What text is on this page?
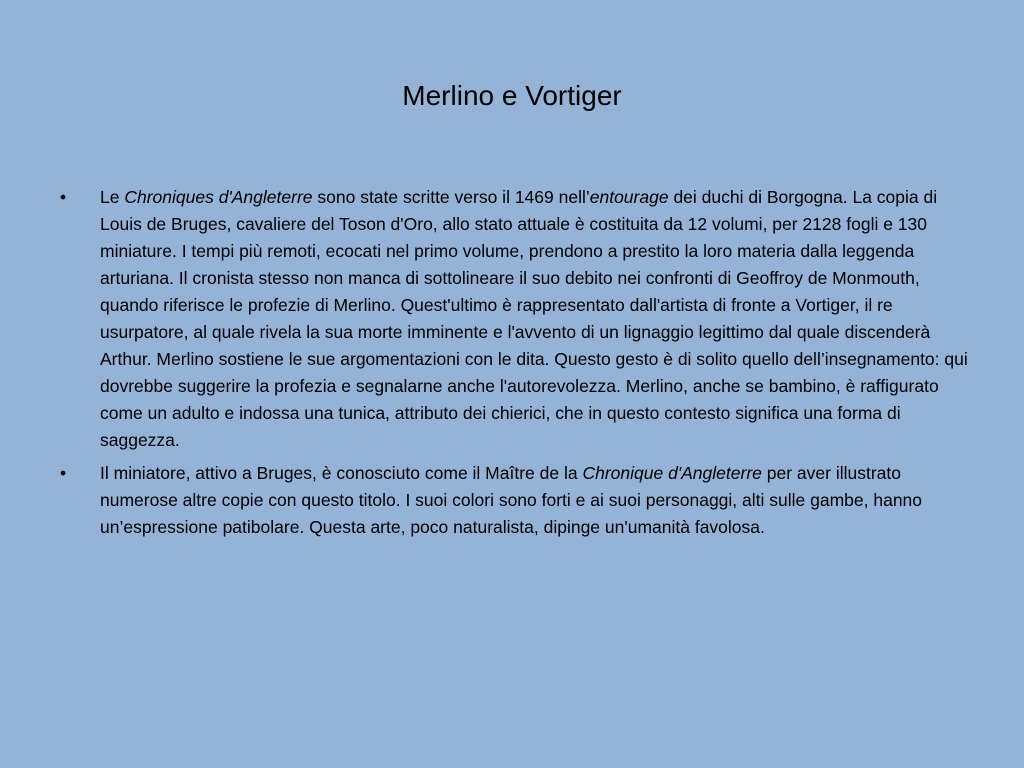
Merlino e Vortiger
• Le Chroniques d'Angleterre sono state scritte verso il 1469 nell’entourage dei duchi di Borgogna. La copia di Louis de Bruges, cavaliere del Toson d'Oro, allo stato attuale è costituita da 12 volumi, per 2128 fogli e 130 miniature. I tempi più remoti, ecocati nel primo volume, prendono a prestito la loro materia dalla leggenda arturiana. Il cronista stesso non manca di sottolineare il suo debito nei confronti di Geoffroy de Monmouth, quando riferisce le profezie di Merlino. Quest'ultimo è rappresentato dall'artista di fronte a Vortiger, il re usurpatore, al quale rivela la sua morte imminente e l'avvento di un lignaggio legittimo dal quale discenderà Arthur. Merlino sostiene le sue argomentazioni con le dita. Questo gesto è di solito quello dell’insegnamento: qui dovrebbe suggerire la profezia e segnalarne anche l'autorevolezza. Merlino, anche se bambino, è raffigurato come un adulto e indossa una tunica, attributo dei chierici, che in questo contesto significa una forma di saggezza.
• Il miniatore, attivo a Bruges, è conosciuto come il Maître de la Chronique d'Angleterre per aver illustrato numerose altre copie con questo titolo. I suoi colori sono forti e ai suoi personaggi, alti sulle gambe, hanno un’espressione patibolare. Questa arte, poco naturalista, dipinge un'umanità favolosa.
